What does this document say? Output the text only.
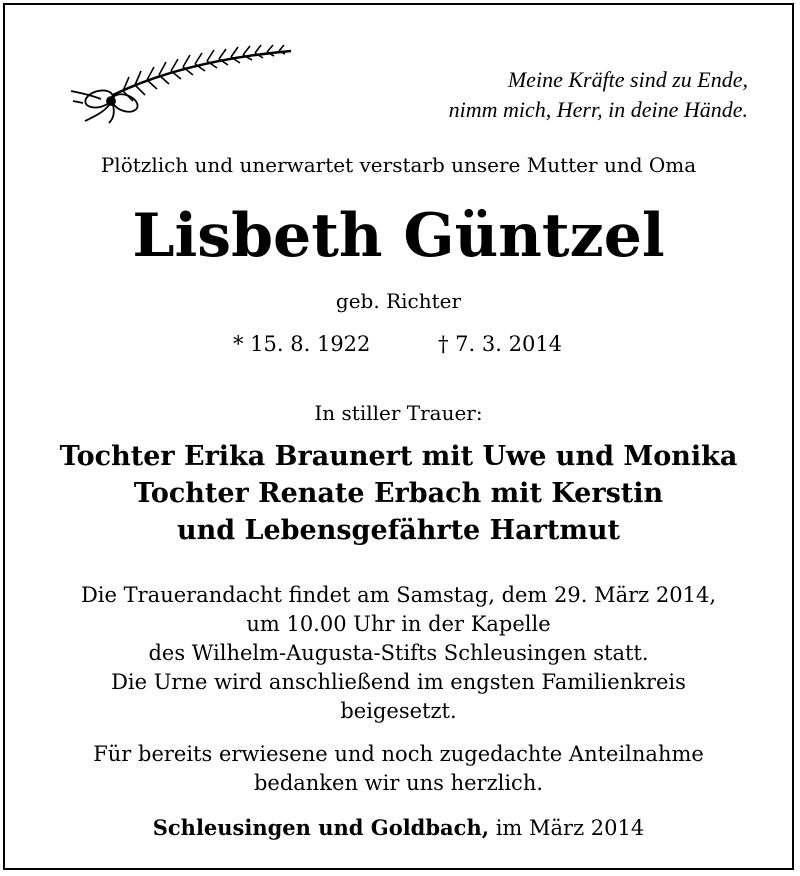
Meine Kräfte sind zu Ende,
nimm mich, Herr, in deine Hände.
Plötzlich und unerwartet verstarb unsere Mutter und Oma
Lisbeth Güntzel
geb. Richter
* 15. 8. 1922	† 7. 3. 2014
In stiller Trauer:
Tochter Erika Braunert mit Uwe und Monika
Tochter Renate Erbach mit Kerstin
und Lebensgefährte Hartmut
Die Trauerandacht findet am Samstag, dem 29. März 2014,
um 10.00 Uhr in der Kapelle
des Wilhelm-Augusta-Stifts Schleusingen statt.
Die Urne wird anschließend im engsten Familienkreis
beigesetzt.
Für bereits erwiesene und noch zugedachte Anteilnahme
bedanken wir uns herzlich.
Schleusingen und Goldbach, im März 2014
